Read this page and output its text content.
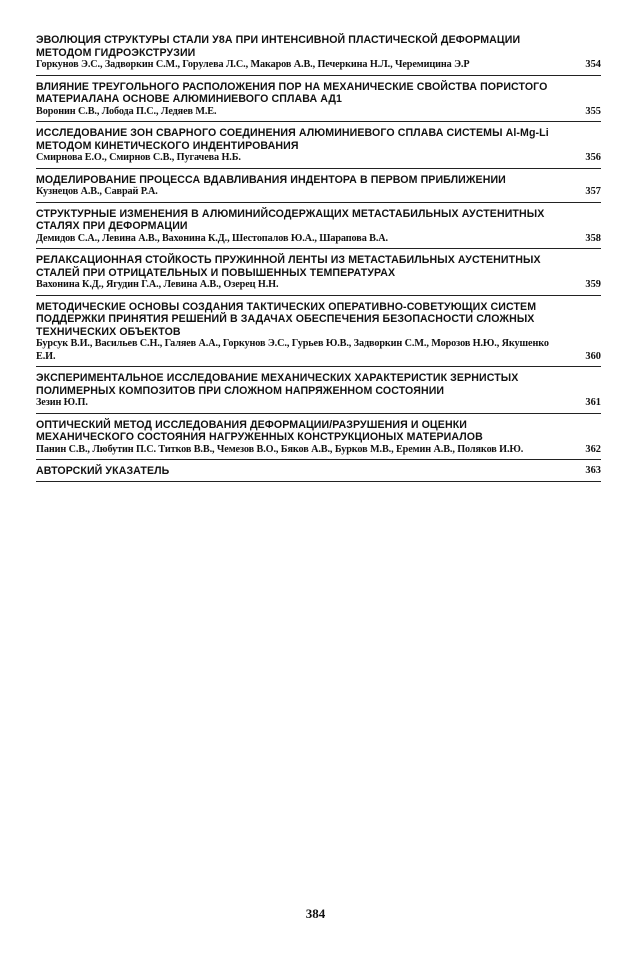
ЭВОЛЮЦИЯ СТРУКТУРЫ СТАЛИ У8А ПРИ ИНТЕНСИВНОЙ ПЛАСТИЧЕСКОЙ ДЕФОРМАЦИИ МЕТОДОМ ГИДРОЭКСТРУЗИИ
Горкунов Э.С., Задворкин С.М., Горулева Л.С., Макаров А.В., Печеркина Н.Л., Черемицина Э.Р	354
ВЛИЯНИЕ ТРЕУГОЛЬНОГО РАСПОЛОЖЕНИЯ ПОР НА МЕХАНИЧЕСКИЕ СВОЙСТВА ПОРИСТОГО МАТЕРИАЛАНА ОСНОВЕ АЛЮМИНИЕВОГО СПЛАВА АД1
Воронин С.В., Лобода П.С., Ледяев М.Е.	355
ИССЛЕДОВАНИЕ ЗОН СВАРНОГО СОЕДИНЕНИЯ АЛЮМИНИЕВОГО СПЛАВА СИСТЕМЫ Al-Mg-Li МЕТОДОМ КИНЕТИЧЕСКОГО ИНДЕНТИРОВАНИЯ
Смирнова Е.О., Смирнов С.В., Пугачева Н.Б.	356
МОДЕЛИРОВАНИЕ ПРОЦЕССА ВДАВЛИВАНИЯ ИНДЕНТОРА В ПЕРВОМ ПРИБЛИЖЕНИИ
Кузнецов А.В., Саврай Р.А.	357
СТРУКТУРНЫЕ ИЗМЕНЕНИЯ В АЛЮМИНИЙСОДЕРЖАЩИХ МЕТАСТАБИЛЬНЫХ АУСТЕНИТНЫХ СТАЛЯХ ПРИ ДЕФОРМАЦИИ
Демидов С.А., Левина А.В., Вахонина К.Д., Шестопалов Ю.А., Шарапова В.А.	358
РЕЛАКСАЦИОННАЯ СТОЙКОСТЬ ПРУЖИННОЙ ЛЕНТЫ ИЗ МЕТАСТАБИЛЬНЫХ АУСТЕНИТНЫХ СТАЛЕЙ ПРИ ОТРИЦАТЕЛЬНЫХ И ПОВЫШЕННЫХ ТЕМПЕРАТУРАХ
Вахонина К.Д., Ягудин Г.А., Левина А.В., Озерец Н.Н.	359
МЕТОДИЧЕСКИЕ ОСНОВЫ СОЗДАНИЯ ТАКТИЧЕСКИХ ОПЕРАТИВНО-СОВЕТУЮЩИХ СИСТЕМ ПОДДЕРЖКИ ПРИНЯТИЯ РЕШЕНИЙ В ЗАДАЧАХ ОБЕСПЕЧЕНИЯ БЕЗОПАСНОСТИ СЛОЖНЫХ ТЕХНИЧЕСКИХ ОБЪЕКТОВ
Бурсук В.И., Васильев С.Н., Галяев А.А., Горкунов Э.С., Гурьев Ю.В., Задворкин С.М., Морозов Н.Ю., Якушенко Е.И.	360
ЭКСПЕРИМЕНТАЛЬНОЕ ИССЛЕДОВАНИЕ МЕХАНИЧЕСКИХ ХАРАКТЕРИСТИК ЗЕРНИСТЫХ ПОЛИМЕРНЫХ КОМПОЗИТОВ ПРИ СЛОЖНОМ НАПРЯЖЕННОМ СОСТОЯНИИ
Зезин Ю.П.	361
ОПТИЧЕСКИЙ МЕТОД ИССЛЕДОВАНИЯ ДЕФОРМАЦИИ/РАЗРУШЕНИЯ И ОЦЕНКИ МЕХАНИЧЕСКОГО СОСТОЯНИЯ НАГРУЖЕННЫХ КОНСТРУКЦИОНЫХ МАТЕРИАЛОВ
Панин С.В., Любутин П.С. Титков В.В., Чемезов В.О., Бяков А.В., Бурков М.В., Еремин А.В., Поляков И.Ю.	362
АВТОРСКИЙ УКАЗАТЕЛЬ	363
384
